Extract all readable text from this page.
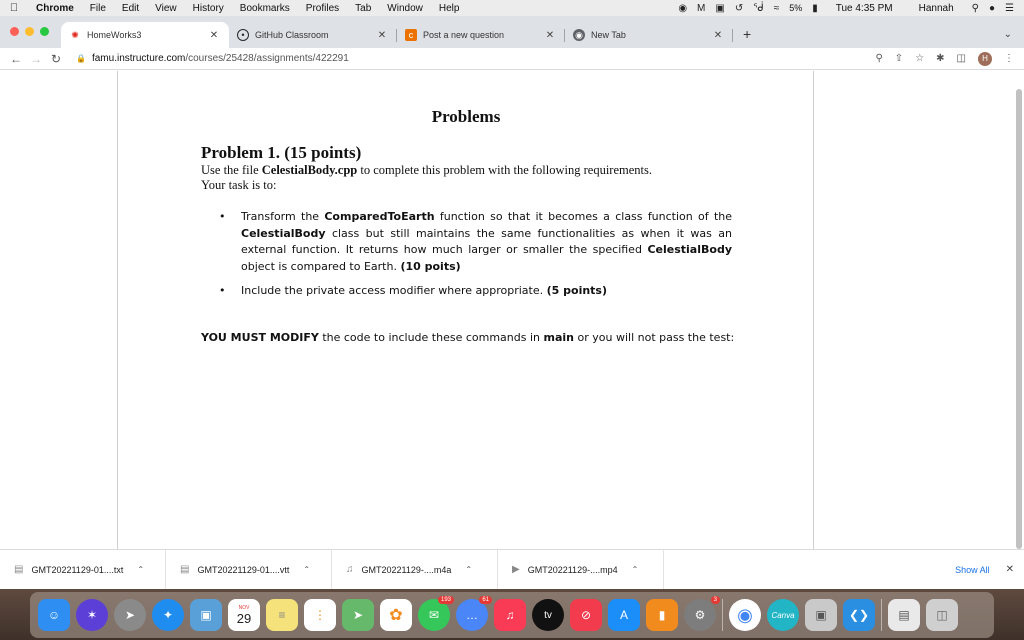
Chrome	File	Edit	View	History	Bookmarks	Profiles	Tab	Window	Help	◉ M ▣ ↺ ᖂ ≈ 5% ▮	Tue 4:35 PM	Hannah	⚲ ● ☰
✺ HomeWorks3	✕	•	GitHub Classroom	✕	c	Post a new question	✕	◉ New Tab	✕	+	⌄
← → ↻	🔒 famu.instructure.com /courses/25428/assignments/422291	⚲ ⇧ ☆ ✱ ◫	H	⋮
Problems
Problem 1. (15 points)
Use the file CelestialBody.cpp to complete this problem with the following requirements.
Your task is to:
• Transform the ComparedToEarth function so that it becomes a class function of the CelestialBody class but still maintains the same functionalities as when it was an external function. It returns how much larger or smaller the specified CelestialBody object is compared to Earth. (10 poits)
• Include the private access modifier where appropriate. (5 points)
YOU MUST MODIFY the code to include these commands in main or you will not pass the test:
▤ GMT20221129-01....txt ⌃	▤ GMT20221129-01....vtt ⌃	♫ GMT20221129-....m4a ⌃	▶ GMT20221129-....mp4 ⌃	Show All	✕
☺	✶	➤	✦	▣
NOV
29	≡	⋮	➤	✿	✉
193
…
61
♫	tv	⊘	A	▮	⚙
3
◉	Canva	▣	❮❯	▤	◫
